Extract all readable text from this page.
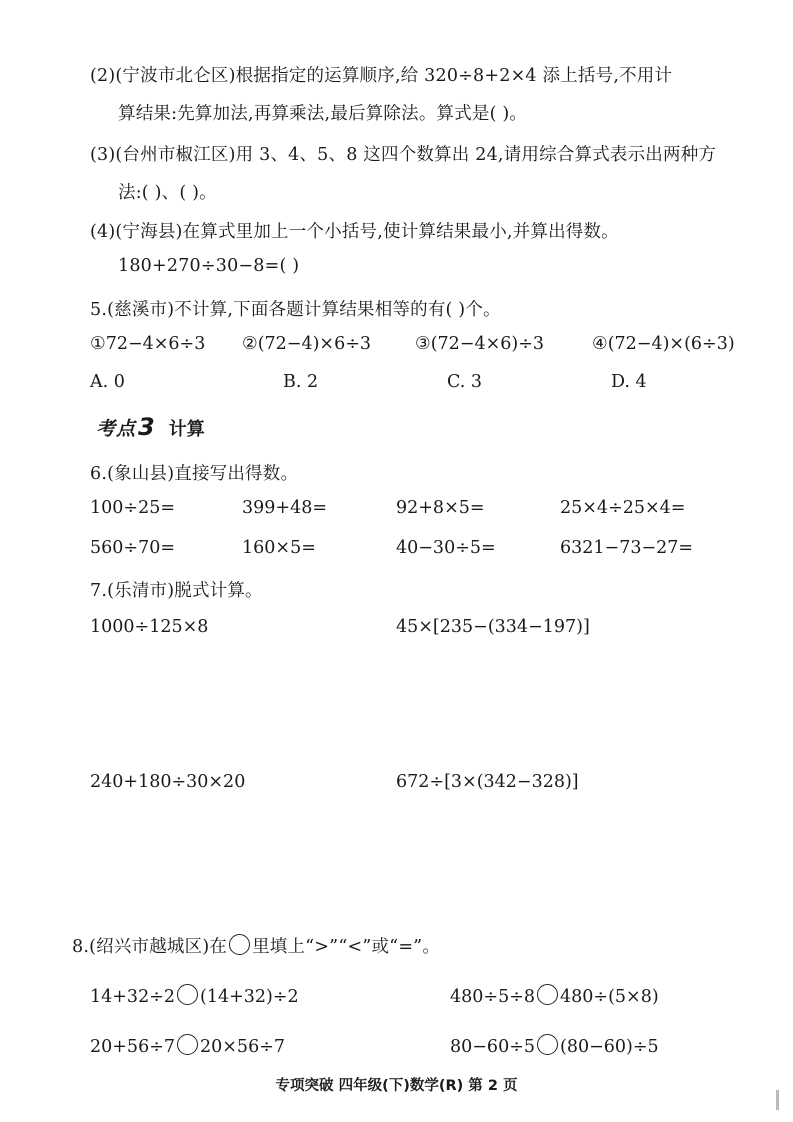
(2)(宁波市北仑区)根据指定的运算顺序,给 320÷8+2×4 添上括号,不用计
算结果:先算加法,再算乘法,最后算除法。算式是( )。
(3)(台州市椒江区)用 3、4、5、8 这四个数算出 24,请用综合算式表示出两种方
法:( )、( )。
(4)(宁海县)在算式里加上一个小括号,使计算结果最小,并算出得数。
180+270÷30−8=( )
5.(慈溪市)不计算,下面各题计算结果相等的有( )个。
①72−4×6÷3 ②(72−4)×6÷3	③(72−4×6)÷3	④(72−4)×(6÷3)
A. 0	B. 2	C. 3	D. 4
考点 3 计算
6.(象山县)直接写出得数。
100÷25=	399+48=	92+8×5=	25×4÷25×4=
560÷70=	160×5=	40−30÷5=	6321−73−27=
7.(乐清市)脱式计算。
1000÷125×8	45×[235−(334−197)]
240+180÷30×20	672÷[3×(342−328)]
8.(绍兴市越城区)在 里填上“>”“<”或“=”。
14+32÷2 (14+32)÷2	480÷5÷8 480÷(5×8)
20+56÷7 20×56÷7	80−60÷5 (80−60)÷5
专项突破 四年级(下)数学(R) 第 2 页
